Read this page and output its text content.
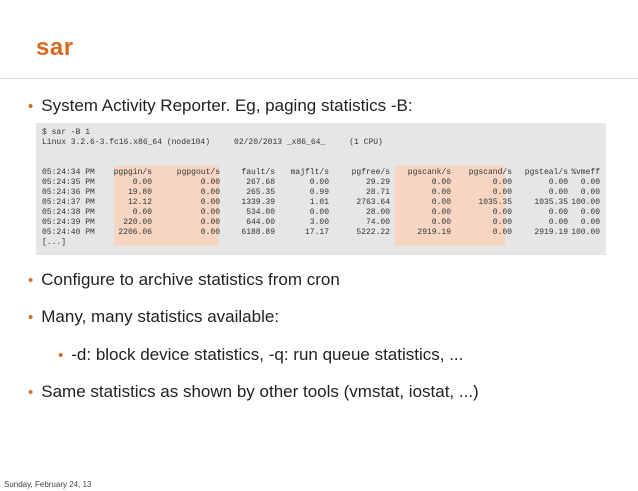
sar
• System Activity Reporter. Eg, paging statistics -B:
$ sar -B 1
Linux 3.2.6-3.fc16.x86_64 (node104)     02/20/2013 _x86_64_     (1 CPU)
05:24:34 PM pgpgin/s	pgpgout/s	fault/s majflt/s	pgfree/s pgscank/s pgscand/s pgsteal/s %vmeff
05:24:35 PM	0.00	0.00	267.68	0.00	29.29	0.00	0.00	0.00 0.00
05:24:36 PM	19.80	0.00	265.35	0.99	28.71	0.00	0.00	0.00 0.00
05:24:37 PM	12.12	0.00	1339.39	1.01	2763.64	0.00	1035.35	1035.35 100.00
05:24:38 PM	0.00	0.00	534.00	0.00	28.00	0.00	0.00	0.00 0.00
05:24:39 PM	220.00	0.00	644.00	3.00	74.00	0.00	0.00	0.00 0.00
05:24:40 PM	2206.06	0.00	6188.89	17.17	5222.22	2919.19	0.00	2919.19 100.00
[...]
• Configure to archive statistics from cron
• Many, many statistics available:
• -d: block device statistics, -q: run queue statistics, ...
• Same statistics as shown by other tools (vmstat, iostat, ...)
Sunday, February 24, 13
